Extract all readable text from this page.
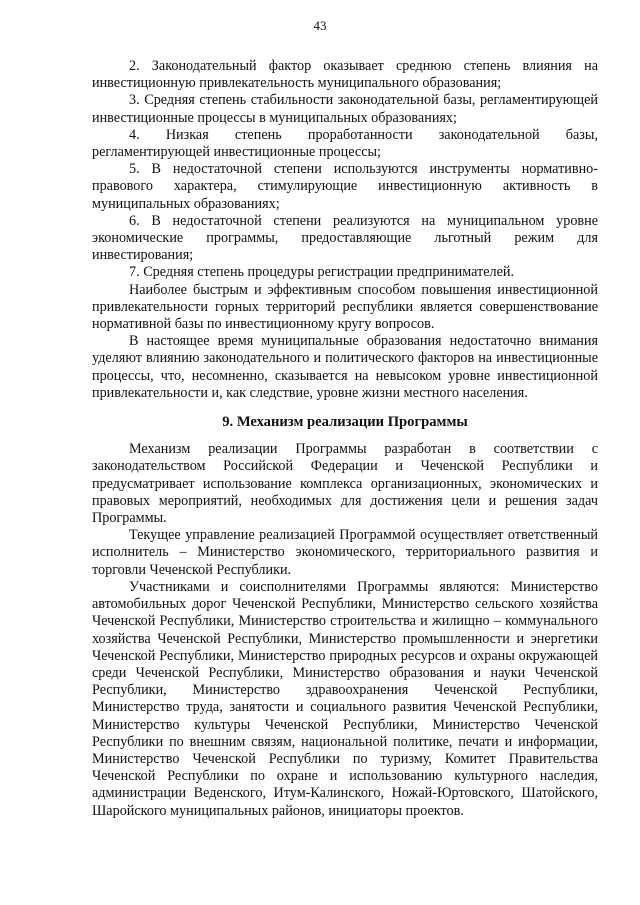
43

2. Законодательный фактор оказывает среднюю степень влияния на инвестиционную привлекательность муниципального образования;

3. Средняя степень стабильности законодательной базы, регламентирующей инвестиционные процессы в муниципальных образованиях;

4. Низкая степень проработанности законодательной базы, регламентирующей инвестиционные процессы;

5. В недостаточной степени используются инструменты нормативно-правового характера, стимулирующие инвестиционную активность в муниципальных образованиях;

6. В недостаточной степени реализуются на муниципальном уровне экономические программы, предоставляющие льготный режим для инвестирования;

7. Средняя степень процедуры регистрации предпринимателей.

Наиболее быстрым и эффективным способом повышения инвестиционной привлекательности горных территорий республики является совершенствование нормативной базы по инвестиционному кругу вопросов.

В настоящее время муниципальные образования недостаточно внимания уделяют влиянию законодательного и политического факторов на инвестиционные процессы, что, несомненно, сказывается на невысоком уровне инвестиционной привлекательности и, как следствие, уровне жизни местного населения.

9. Механизм реализации Программы

Механизм реализации Программы разработан в соответствии с законодательством Российской Федерации и Чеченской Республики и предусматривает использование комплекса организационных, экономических и правовых мероприятий, необходимых для достижения цели и решения задач Программы.

Текущее управление реализацией Программой осуществляет ответственный исполнитель – Министерство экономического, территориального развития и торговли Чеченской Республики.

Участниками и соисполнителями Программы являются: Министерство автомобильных дорог Чеченской Республики, Министерство сельского хозяйства Чеченской Республики, Министерство строительства и жилищно – коммунального хозяйства Чеченской Республики, Министерство промышленности и энергетики Чеченской Республики, Министерство природных ресурсов и охраны окружающей среди Чеченской Республики, Министерство образования и науки Чеченской Республики, Министерство здравоохранения Чеченской Республики, Министерство труда, занятости и социального развития Чеченской Республики, Министерство культуры Чеченской Республики, Министерство Чеченской Республики по внешним связям, национальной политике, печати и информации, Министерство Чеченской Республики по туризму, Комитет Правительства Чеченской Республики по охране и использованию культурного наследия, администрации Веденского, Итум-Калинского, Ножай-Юртовского, Шатойского, Шаройского муниципальных районов, инициаторы проектов.
